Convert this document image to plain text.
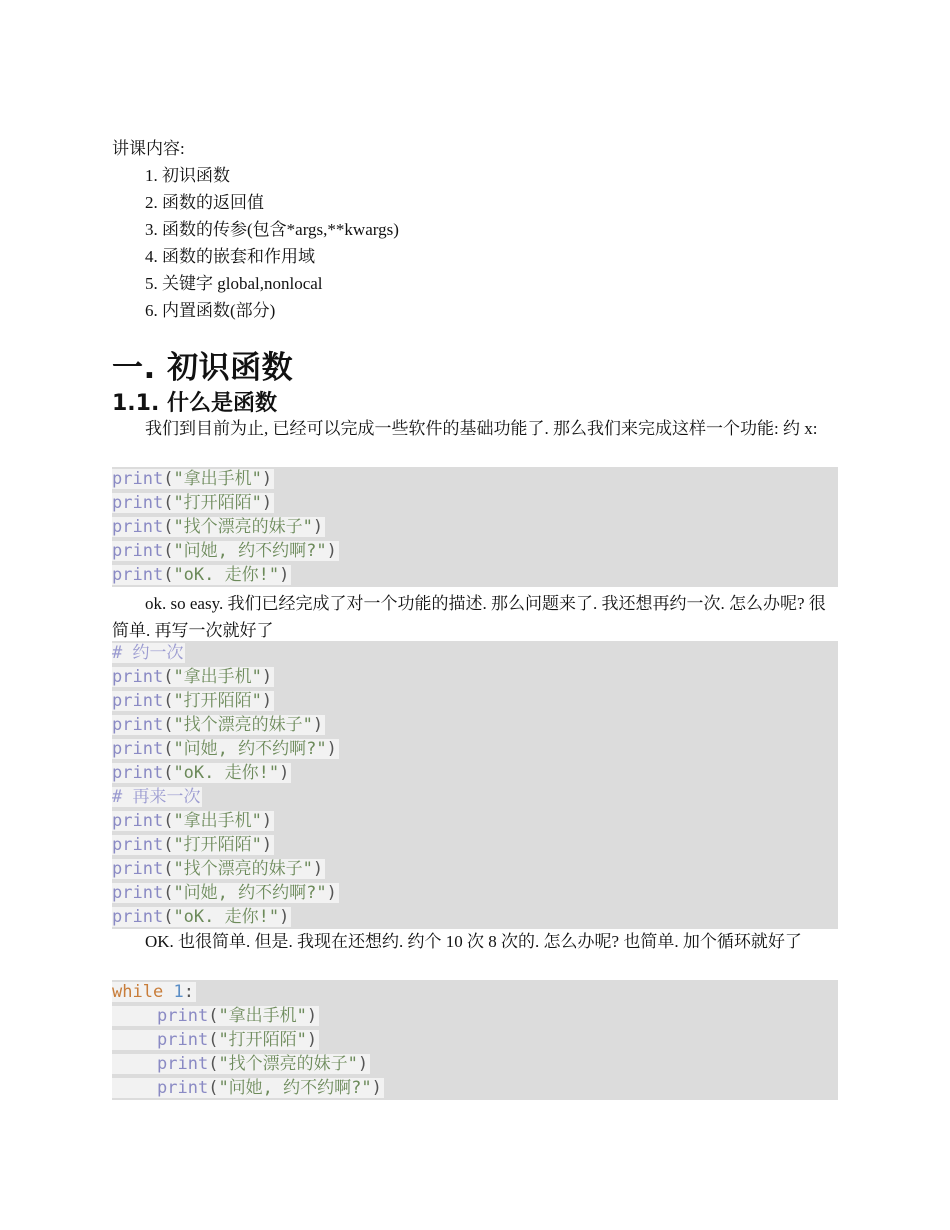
讲课内容:
1. 初识函数
2. 函数的返回值
3. 函数的传参(包含*args,**kwargs)
4. 函数的嵌套和作用域
5. 关键字 global,nonlocal
6. 内置函数(部分)
一. 初识函数
1.1. 什么是函数
我们到目前为止, 已经可以完成一些软件的基础功能了. 那么我们来完成这样一个功能: 约 x:
print("拿出手机")
print("打开陌陌")
print("找个漂亮的妹子")
print("问她, 约不约啊?")
print("oK. 走你!")
ok. so easy. 我们已经完成了对一个功能的描述. 那么问题来了. 我还想再约一次. 怎么办呢? 很简单. 再写一次就好了
# 约一次
print("拿出手机")
print("打开陌陌")
print("找个漂亮的妹子")
print("问她, 约不约啊?")
print("oK. 走你!")
# 再来一次
print("拿出手机")
print("打开陌陌")
print("找个漂亮的妹子")
print("问她, 约不约啊?")
print("oK. 走你!")
OK. 也很简单. 但是. 我现在还想约. 约个 10 次 8 次的. 怎么办呢? 也简单. 加个循环就好了
while 1:
print("拿出手机")
print("打开陌陌")
print("找个漂亮的妹子")
print("问她, 约不约啊?")
